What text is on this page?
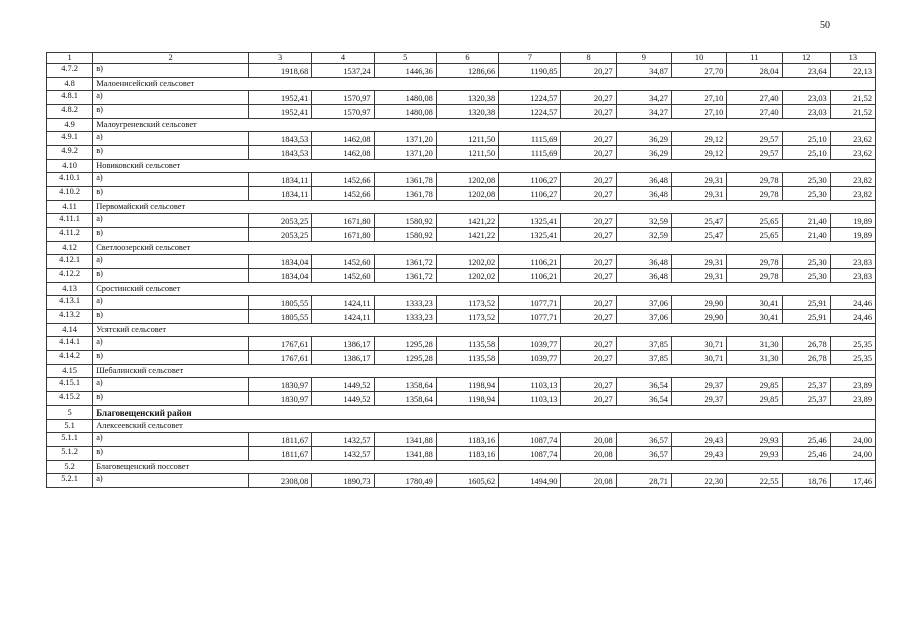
50
1	2	3	4	5	6	7	8	9	10	11	12	13
4.7.2	в)	1918,68	1537,24	1446,36	1286,66	1190,85	20,27	34,87	27,70	28,04	23,64	22,13
4.8	Малоенисейский сельсовет											
4.8.1	а)	1952,41	1570,97	1480,08	1320,38	1224,57	20,27	34,27	27,10	27,40	23,03	21,52
4.8.2	в)	1952,41	1570,97	1480,08	1320,38	1224,57	20,27	34,27	27,10	27,40	23,03	21,52
4.9	Малоугреневский сельсовет											
4.9.1	а)	1843,53	1462,08	1371,20	1211,50	1115,69	20,27	36,29	29,12	29,57	25,10	23,62
4.9.2	в)	1843,53	1462,08	1371,20	1211,50	1115,69	20,27	36,29	29,12	29,57	25,10	23,62
4.10	Новиковский сельсовет											
4.10.1	а)	1834,11	1452,66	1361,78	1202,08	1106,27	20,27	36,48	29,31	29,78	25,30	23,82
4.10.2	в)	1834,11	1452,66	1361,78	1202,08	1106,27	20,27	36,48	29,31	29,78	25,30	23,82
4.11	Первомайский сельсовет											
4.11.1	а)	2053,25	1671,80	1580,92	1421,22	1325,41	20,27	32,59	25,47	25,65	21,40	19,89
4.11.2	в)	2053,25	1671,80	1580,92	1421,22	1325,41	20,27	32,59	25,47	25,65	21,40	19,89
4.12	Светлоозерский сельсовет											
4.12.1	а)	1834,04	1452,60	1361,72	1202,02	1106,21	20,27	36,48	29,31	29,78	25,30	23,83
4.12.2	в)	1834,04	1452,60	1361,72	1202,02	1106,21	20,27	36,48	29,31	29,78	25,30	23,83
4.13	Сростинский сельсовет											
4.13.1	а)	1805,55	1424,11	1333,23	1173,52	1077,71	20,27	37,06	29,90	30,41	25,91	24,46
4.13.2	в)	1805,55	1424,11	1333,23	1173,52	1077,71	20,27	37,06	29,90	30,41	25,91	24,46
4.14	Усятский сельсовет											
4.14.1	а)	1767,61	1386,17	1295,28	1135,58	1039,77	20,27	37,85	30,71	31,30	26,78	25,35
4.14.2	в)	1767,61	1386,17	1295,28	1135,58	1039,77	20,27	37,85	30,71	31,30	26,78	25,35
4.15	Шебалинский сельсовет											
4.15.1	а)	1830,97	1449,52	1358,64	1198,94	1103,13	20,27	36,54	29,37	29,85	25,37	23,89
4.15.2	в)	1830,97	1449,52	1358,64	1198,94	1103,13	20,27	36,54	29,37	29,85	25,37	23,89
5	Благовещенский район											
5.1	Алексеевский сельсовет											
5.1.1	а)	1811,67	1432,57	1341,88	1183,16	1087,74	20,08	36,57	29,43	29,93	25,46	24,00
5.1.2	в)	1811,67	1432,57	1341,88	1183,16	1087,74	20,08	36,57	29,43	29,93	25,46	24,00
5.2	Благовещенский поссовет											
5.2.1	а)	2308,08	1890,73	1780,49	1605,62	1494,90	20,08	28,71	22,30	22,55	18,76	17,46
